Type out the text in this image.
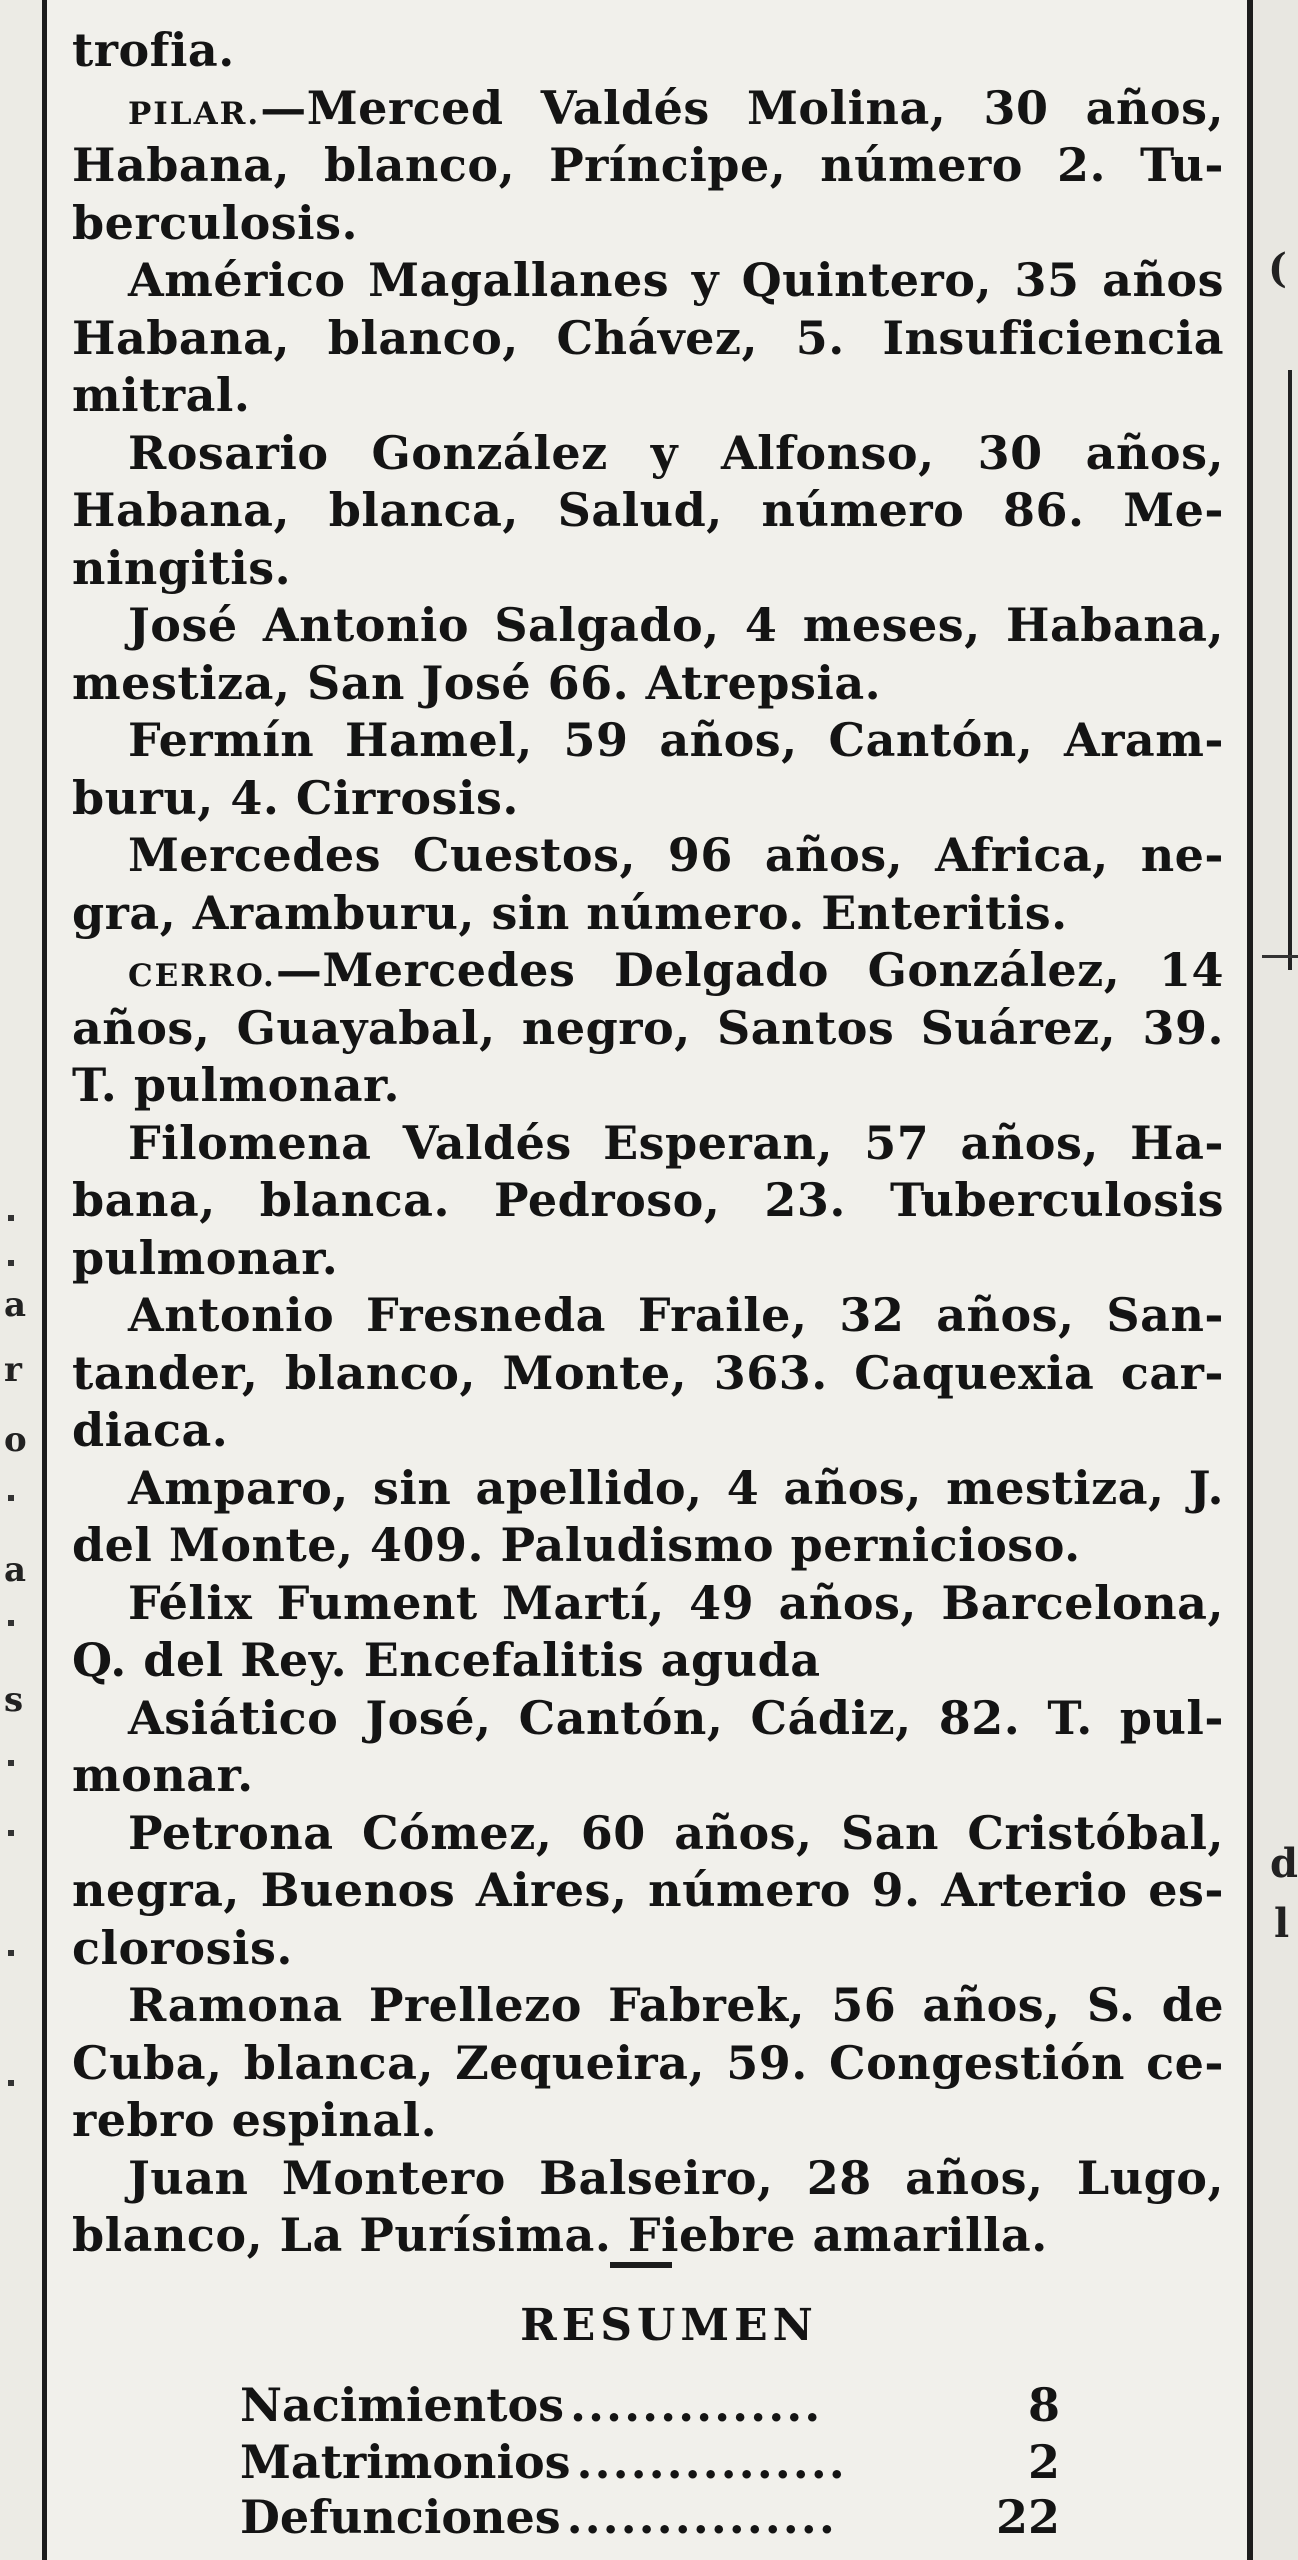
(
d
l
a
r
o
a
s
trofia.
PILAR.—Merced Valdés Molina, 30 años,
Habana, blanco, Príncipe, número 2. Tu-
berculosis.
Américo Magallanes y Quintero, 35 años
Habana, blanco, Chávez, 5. Insuficiencia
mitral.
Rosario González y Alfonso, 30 años,
Habana, blanca, Salud, número 86. Me-
ningitis.
José Antonio Salgado, 4 meses, Habana,
mestiza, San José 66. Atrepsia.
Fermín Hamel, 59 años, Cantón, Aram-
buru, 4. Cirrosis.
Mercedes Cuestos, 96 años, Africa, ne-
gra, Aramburu, sin número. Enteritis.
CERRO.—Mercedes Delgado González, 14
años, Guayabal, negro, Santos Suárez, 39.
T. pulmonar.
Filomena Valdés Esperan, 57 años, Ha-
bana, blanca. Pedroso, 23. Tuberculosis
pulmonar.
Antonio Fresneda Fraile, 32 años, San-
tander, blanco, Monte, 363. Caquexia car-
diaca.
Amparo, sin apellido, 4 años, mestiza, J.
del Monte, 409. Paludismo pernicioso.
Félix Fument Martí, 49 años, Barcelona,
Q. del Rey. Encefalitis aguda
Asiático José, Cantón, Cádiz, 82. T. pul-
monar.
Petrona Cómez, 60 años, San Cristóbal,
negra, Buenos Aires, número 9. Arterio es-
clorosis.
Ramona Prellezo Fabrek, 56 años, S. de
Cuba, blanca, Zequeira, 59. Congestión ce-
rebro espinal.
Juan Montero Balseiro, 28 años, Lugo,
blanco, La Purísima. Fiebre amarilla.
RESUMEN
Nacimientos ..............	8
Matrimonios ...............	2
Defunciones ...............	22
